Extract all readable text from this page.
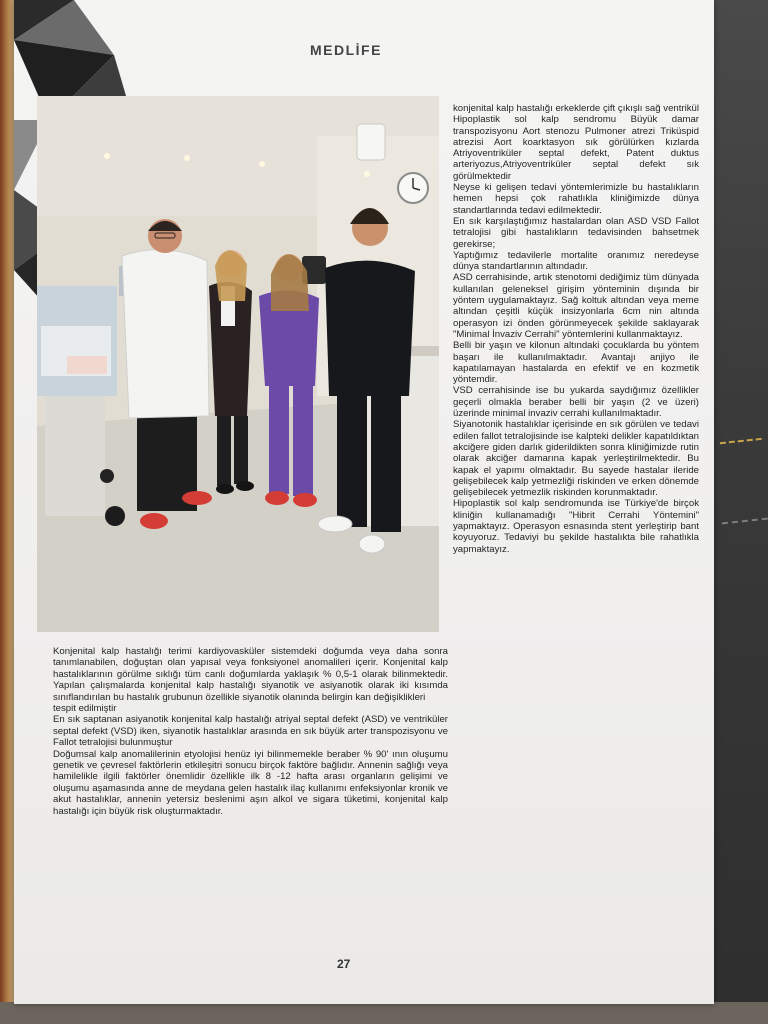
MEDLİFE

konjenital kalp hastalığı erkeklerde çift çıkışlı sağ ventrikül Hipoplastik sol kalp sendromu Büyük damar transpozisyonu Aort stenozu Pulmoner atrezi Triküspid atrezisi Aort koarktasyon sık görülürken kızlarda Atriyoventriküler septal defekt, Patent duktus arteriyozus,Atriyoventriküler septal defekt sık görülmektedir

Neyse ki gelişen tedavi yöntemlerimizle bu hastalıkların hemen hepsi çok rahatlıkla kliniğimizde dünya standartlarında tedavi edilmektedir.

En sık karşılaştığımız hastalardan olan ASD VSD Fallot tetralojisi gibi hastalıkların tedavisinden bahsetmek gerekirse;

Yaptığımız tedavilerle mortalite oranımız neredeyse dünya standartlarının altındadır.

ASD cerrahisinde, artık stenotomi dediğimiz tüm dünyada kullanılan geleneksel girişim yönteminin dışında bir yöntem uygulamaktayız. Sağ koltuk altından veya meme altından çeşitli küçük insizyonlarla 6cm nin altında operasyon izi önden görünmeyecek şekilde saklayarak "Minimal İnvaziv Cerrahi" yöntemlerini kullanmaktayız.

Belli bir yaşın ve kilonun altındaki çocuklarda bu yöntem başarı ile kullanılmaktadır. Avantajı anjiyo ile kapatılamayan hastalarda en efektif ve en kozmetik yöntemdir.

VSD cerrahisinde ise bu yukarda saydığımız özellikler geçerli olmakla beraber belli bir yaşın (2 ve üzeri) üzerinde minimal invaziv cerrahi kullanılmaktadır.

Siyanotonik hastalıklar içerisinde en sık görülen ve tedavi edilen fallot tetralojisinde ise kalpteki delikler kapatıldıktan akciğere giden darlık giderildikten sonra kliniğimizde rutin olarak akciğer damarına kapak yerleştirilmektedir. Bu kapak el yapımı olmaktadır. Bu sayede hastalar ileride gelişebilecek kalp yetmezliği riskinden ve erken dönemde gelişebilecek yetmezlik riskinden korunmaktadır.

Hipoplastik sol kalp sendromunda ise Türkiye'de birçok kliniğin kullanamadığı "Hibrit Cerrahi Yöntemini" yapmaktayız. Operasyon esnasında stent yerleştirip bant koyuyoruz. Tedaviyi bu şekilde hastalıkta bile rahatlıkla yapmaktayız.

Konjenital kalp hastalığı terimi kardiyovasküler sistemdeki doğumda veya daha sonra tanımlanabilen, doğuştan olan yapısal veya fonksiyonel anomalileri içerir. Konjenital kalp hastalıklarının görülme sıklığı tüm canlı doğumlarda yaklaşık % 0,5-1 olarak bilinmektedir. Yapılan çalışmalarda konjenital kalp hastalığı siyanotik ve asiyanotik olarak iki kısımda sınıflandırılan bu hastalık grubunun özellikle siyanotik olanında belirgin kan değişiklikleri

tespit edilmiştir

En sık saptanan asiyanotik konjenital kalp hastalığı atriyal septal defekt (ASD) ve ventriküler septal defekt (VSD) iken, siyanotik hastalıklar arasında en sık büyük arter transpozisyonu ve Fallot tetralojisi bulunmuştur

Doğumsal kalp anomalilerinin etyolojisi henüz iyi bilinmemekle beraber % 90' ının oluşumu genetik ve çevresel faktörlerin etkileşitri sonucu birçok faktöre bağlıdır. Annenin sağlığı veya hamilelikle ilgili faktörler önemlidir özellikle ilk 8 -12 hafta arası organların gelişimi ve oluşumu aşamasında anne de meydana gelen hastalık ilaç kullanımı enfeksiyonlar kronik ve akut hastalıklar, annenin yetersiz beslenimi aşın alkol ve sigara tüketimi, konjenital kalp hastalığı için büyük risk oluşturmaktadır.

27
